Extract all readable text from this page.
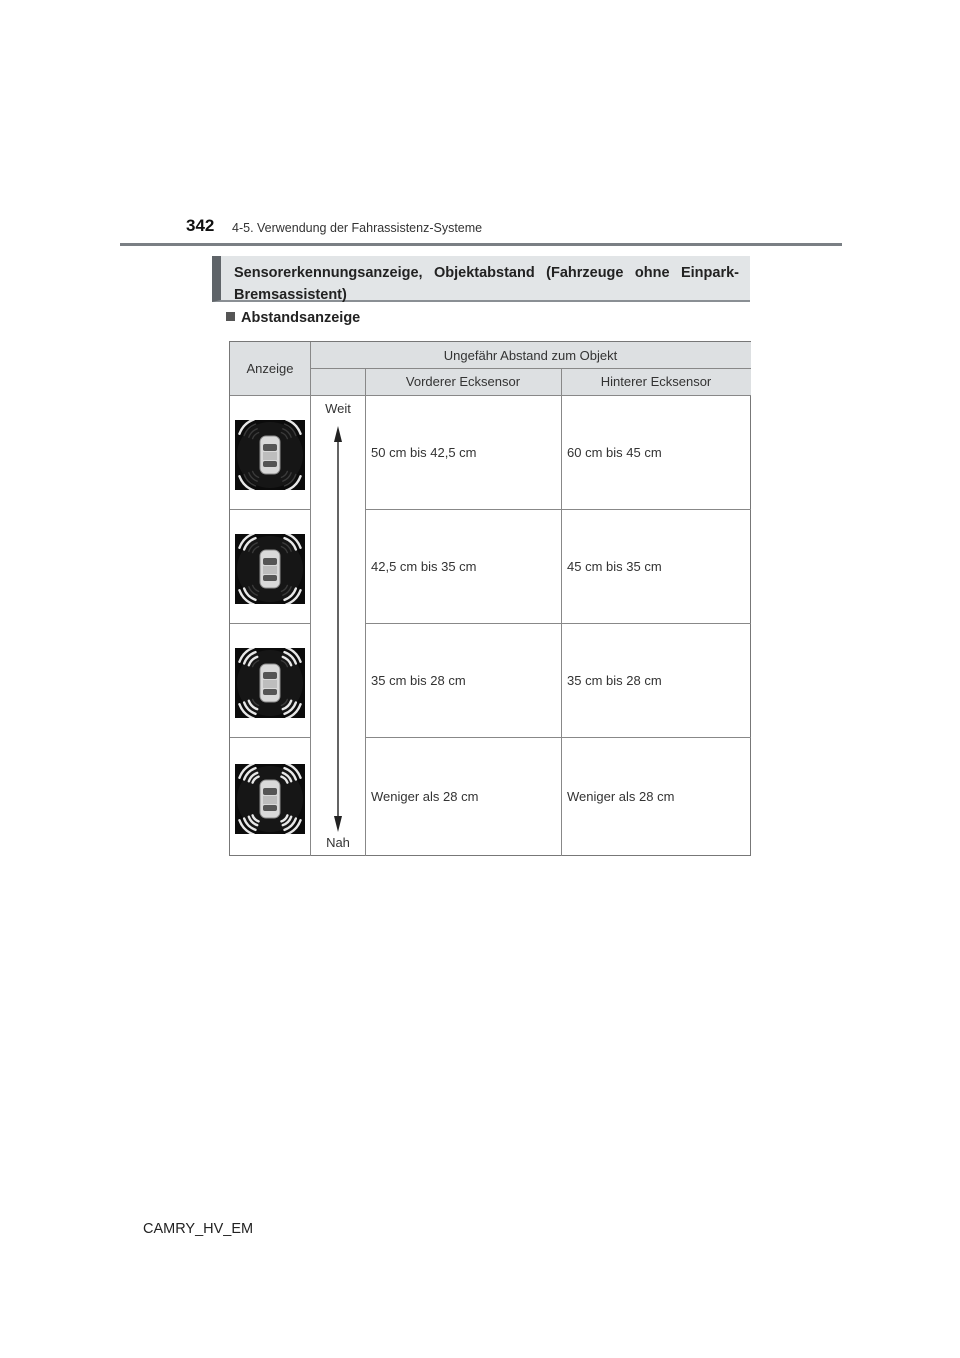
342 4-5. Verwendung der Fahrassistenz-Systeme
Sensorerkennungsanzeige, Objektabstand (Fahrzeuge ohne Einpark-Bremsassistent)
Abstandsanzeige
Anzeige
Ungefähr Abstand zum Objekt
Vorderer Ecksensor	Hinterer Ecksensor
50 cm bis 42,5 cm	60 cm bis 45 cm
42,5 cm bis 35 cm	45 cm bis 35 cm
35 cm bis 28 cm	35 cm bis 28 cm
Weniger als 28 cm	Weniger als 28 cm
Weit
Nah
CAMRY_HV_EM
